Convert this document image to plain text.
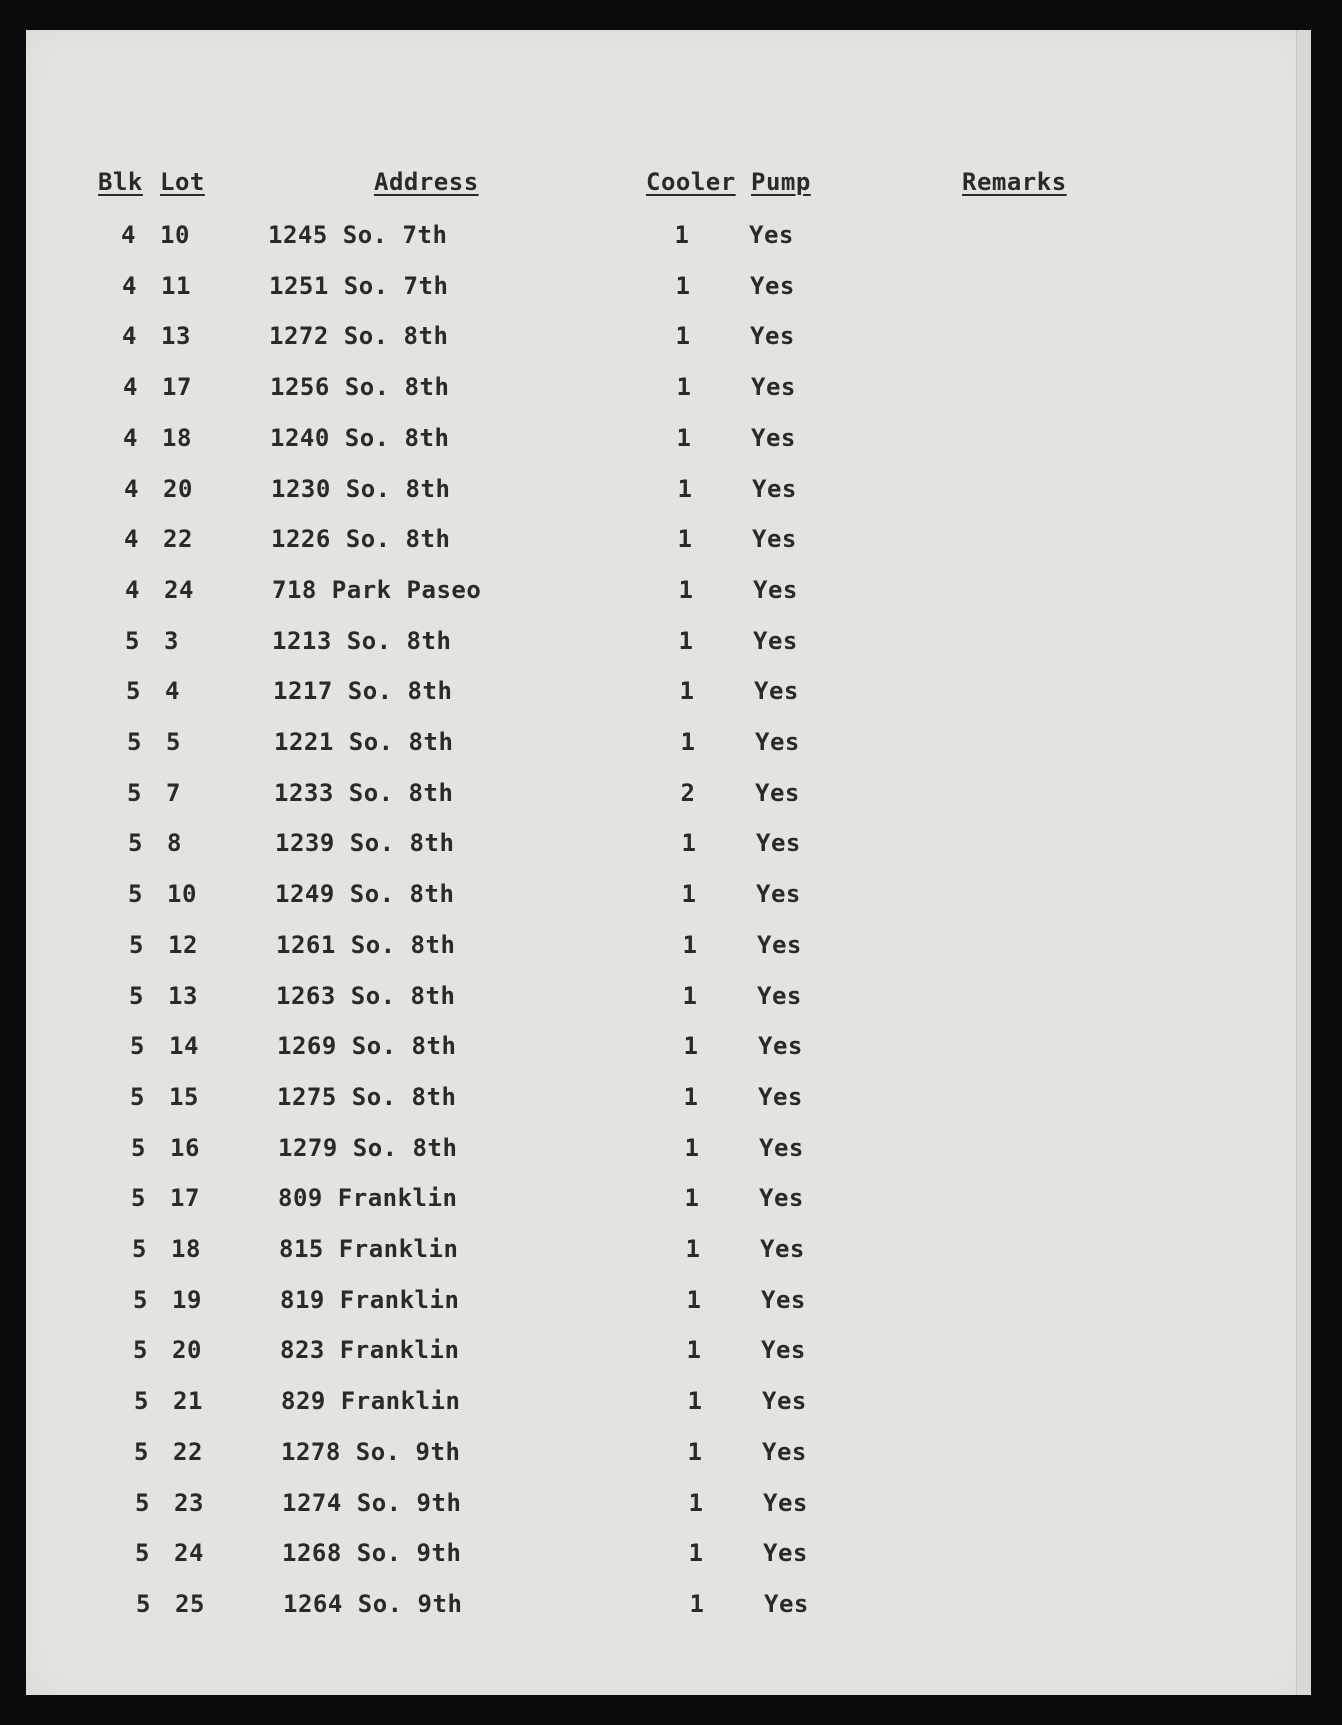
Blk Lot	Address	Cooler Pump	Remarks
4 10	1245 So. 7th	1	Yes
4 11	1251 So. 7th	1	Yes
4 13	1272 So. 8th	1	Yes
4 17	1256 So. 8th	1	Yes
4 18	1240 So. 8th	1	Yes
4 20	1230 So. 8th	1	Yes
4 22	1226 So. 8th	1	Yes
4 24	718 Park Paseo	1	Yes
5 3	1213 So. 8th	1	Yes
5 4	1217 So. 8th	1	Yes
5 5	1221 So. 8th	1	Yes
5 7	1233 So. 8th	2	Yes
5 8	1239 So. 8th	1	Yes
5 10	1249 So. 8th	1	Yes
5 12	1261 So. 8th	1	Yes
5 13	1263 So. 8th	1	Yes
5 14	1269 So. 8th	1	Yes
5 15	1275 So. 8th	1	Yes
5 16	1279 So. 8th	1	Yes
5 17	809 Franklin	1	Yes
5 18	815 Franklin	1	Yes
5 19	819 Franklin	1	Yes
5 20	823 Franklin	1	Yes
5 21	829 Franklin	1	Yes
5 22	1278 So. 9th	1	Yes
5 23	1274 So. 9th	1	Yes
5 24	1268 So. 9th	1	Yes
5 25	1264 So. 9th	1	Yes
